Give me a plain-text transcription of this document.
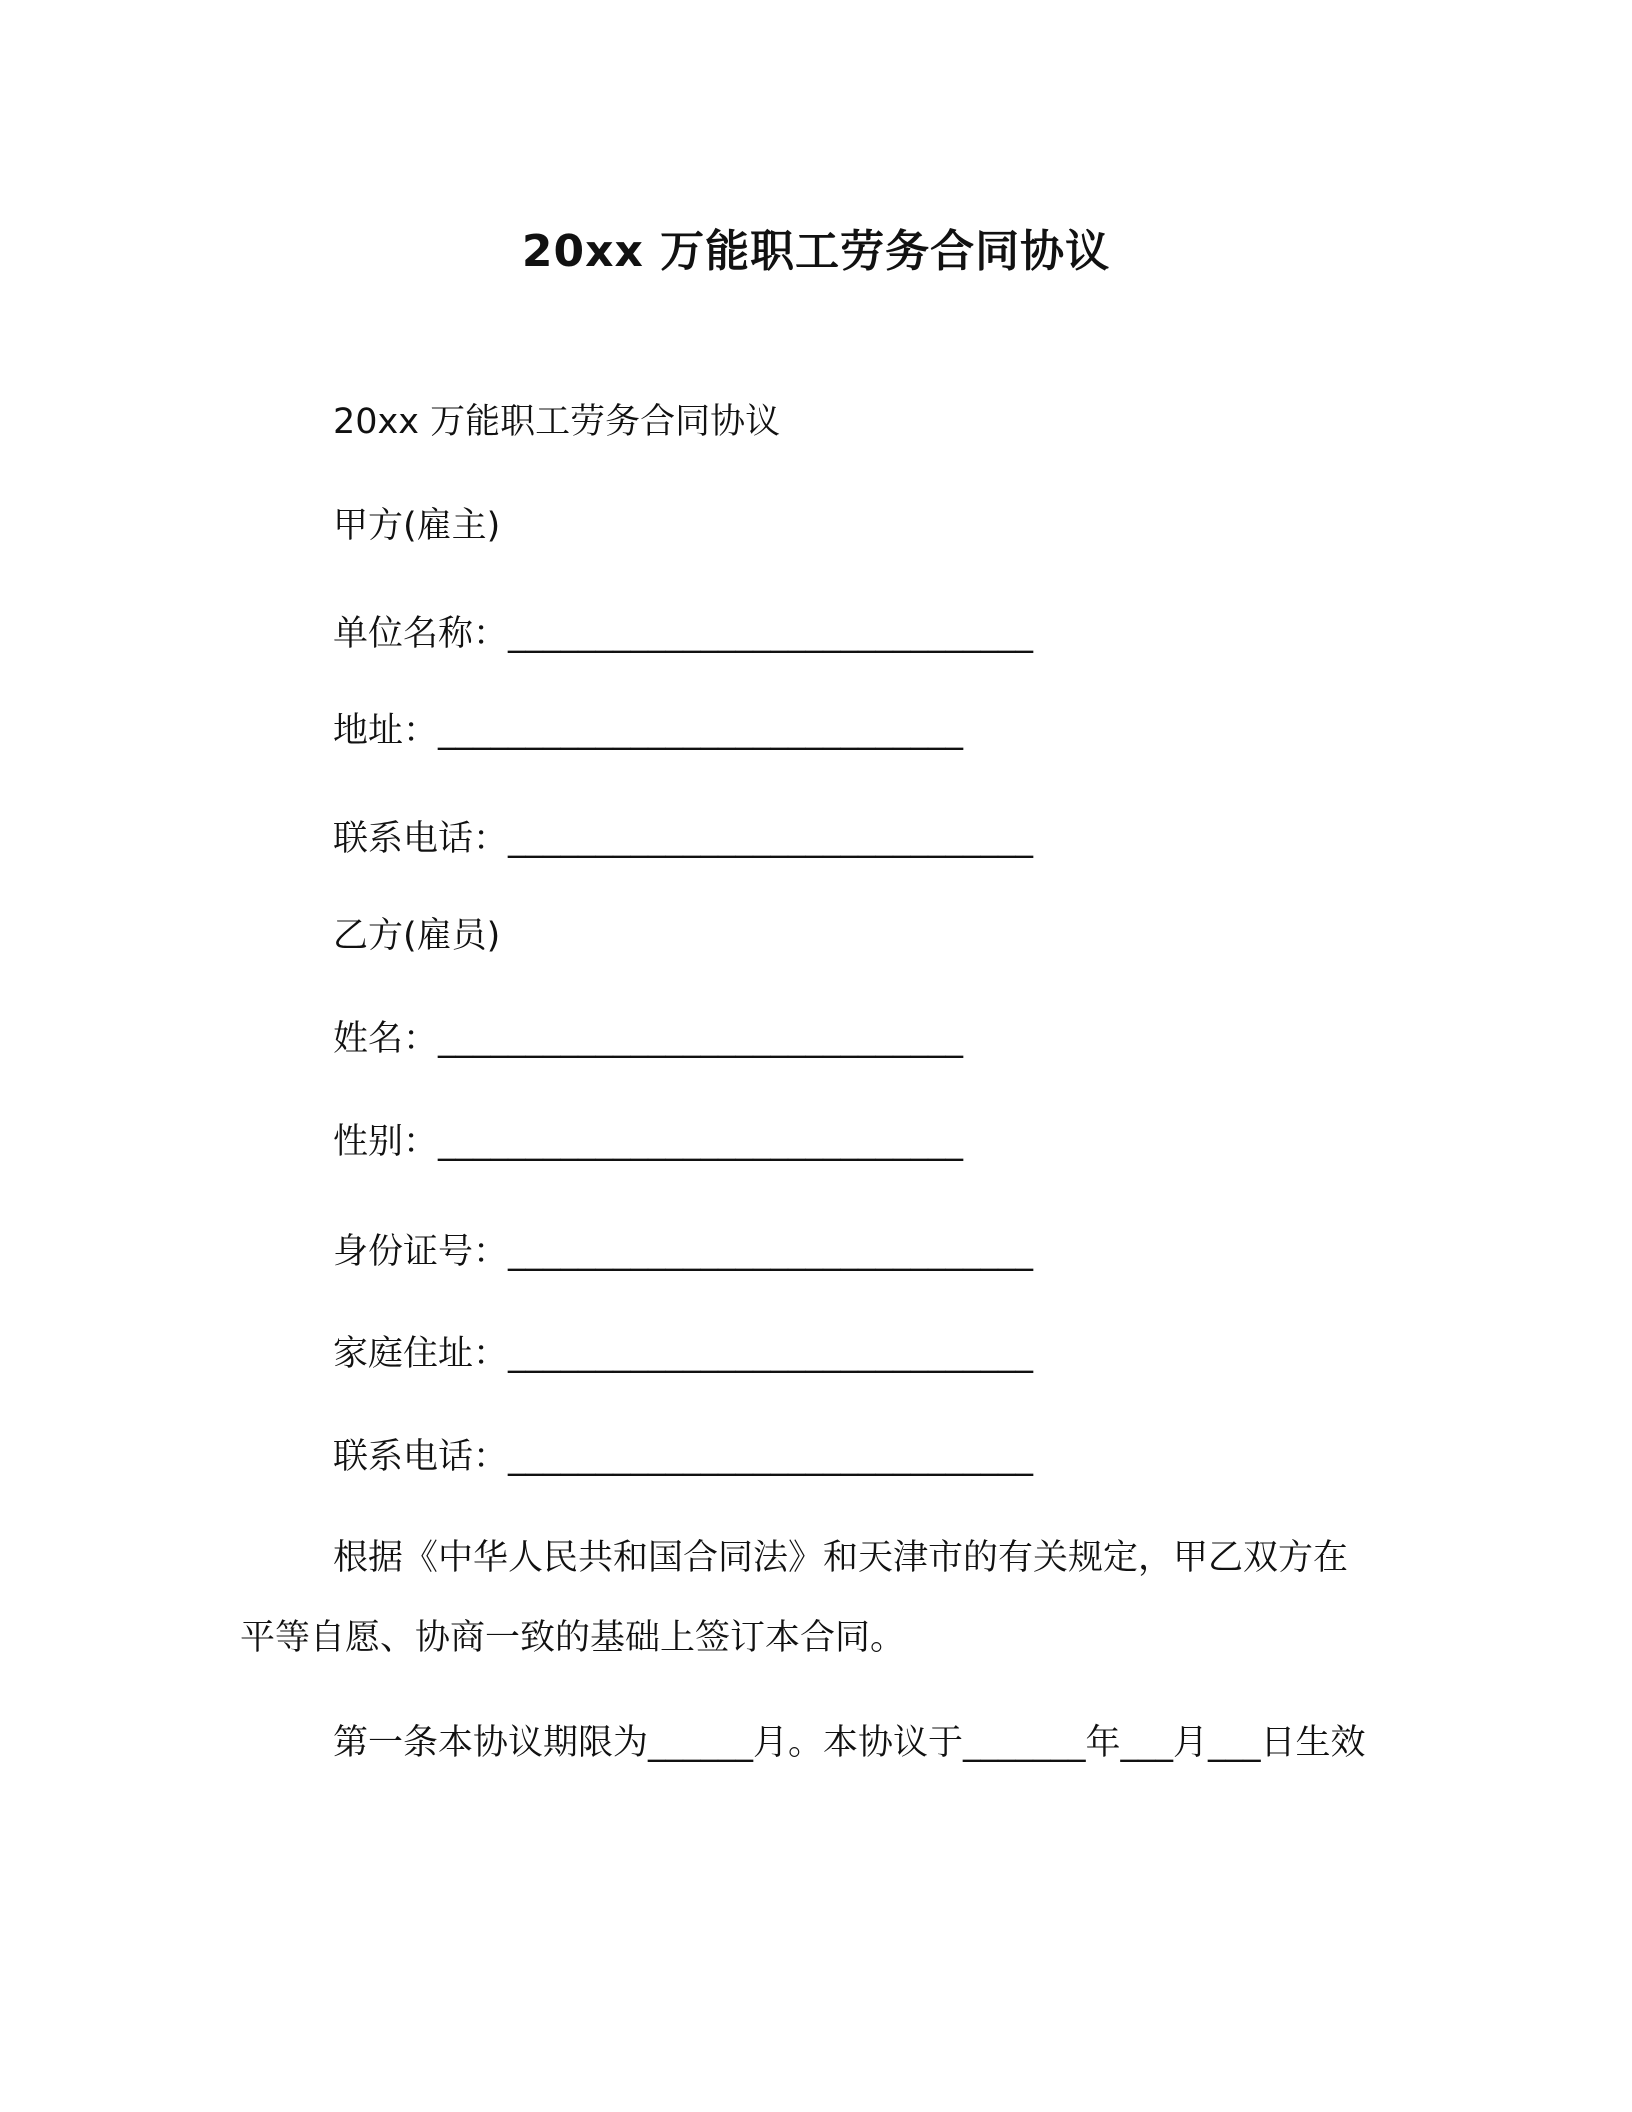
20xx 万能职工劳务合同协议
20xx 万能职工劳务合同协议
甲方(雇主)
单位名称：______________________________
地址：______________________________
联系电话：______________________________
乙方(雇员)
姓名：______________________________
性别：______________________________
身份证号：______________________________
家庭住址：______________________________
联系电话：______________________________
根据《中华人民共和国合同法》和天津市的有关规定，甲乙双方在平等自愿、协商一致的基础上签订本合同。
第一条本协议期限为______月。本协议于_______年___月___日生效
